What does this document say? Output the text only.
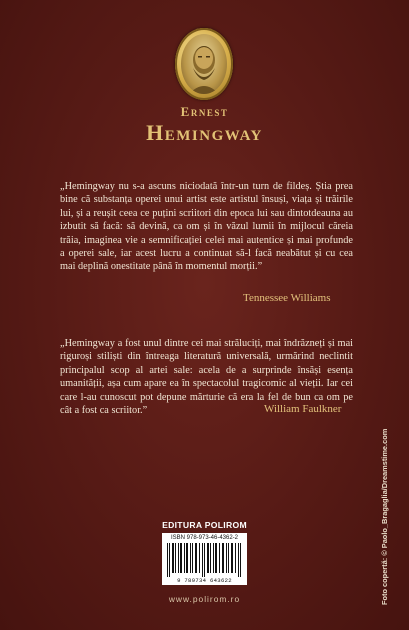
Ernest
Hemingway
„Hemingway nu s-a ascuns niciodată într-un turn de fildeș. Știa prea bine că substanța operei unui artist este artistul însuși, viața și trăirile lui, și a reușit ceea ce puțini scriitori din epoca lui sau dintotdeauna au izbutit să facă: să devină, ca om și în văzul lumii în mijlocul căreia trăia, imaginea vie a semnificației celei mai autentice și mai profunde a operei sale, iar acest lucru a continuat să-l facă neabătut și cu cea mai deplină onestitate până în momentul morții.”
Tennessee Williams
„Hemingway a fost unul dintre cei mai străluciți, mai îndrăzneți și mai riguroși stiliști din întreaga literatură universală, urmărind neclintit principalul scop al artei sale: acela de a surprinde însăși esența umanității, așa cum apare ea în spectacolul tragicomic al vieții. Iar cei care l-au cunoscut pot depune mărturie că era la fel de bun ca om pe cât a fost ca scriitor.”	William Faulkner
Foto copertă: © Paolo_Bragaglia/Dreamstime.com
EDITURA POLIROM
ISBN 978-973-46-4362-2
9 789734 643622
www.polirom.ro
